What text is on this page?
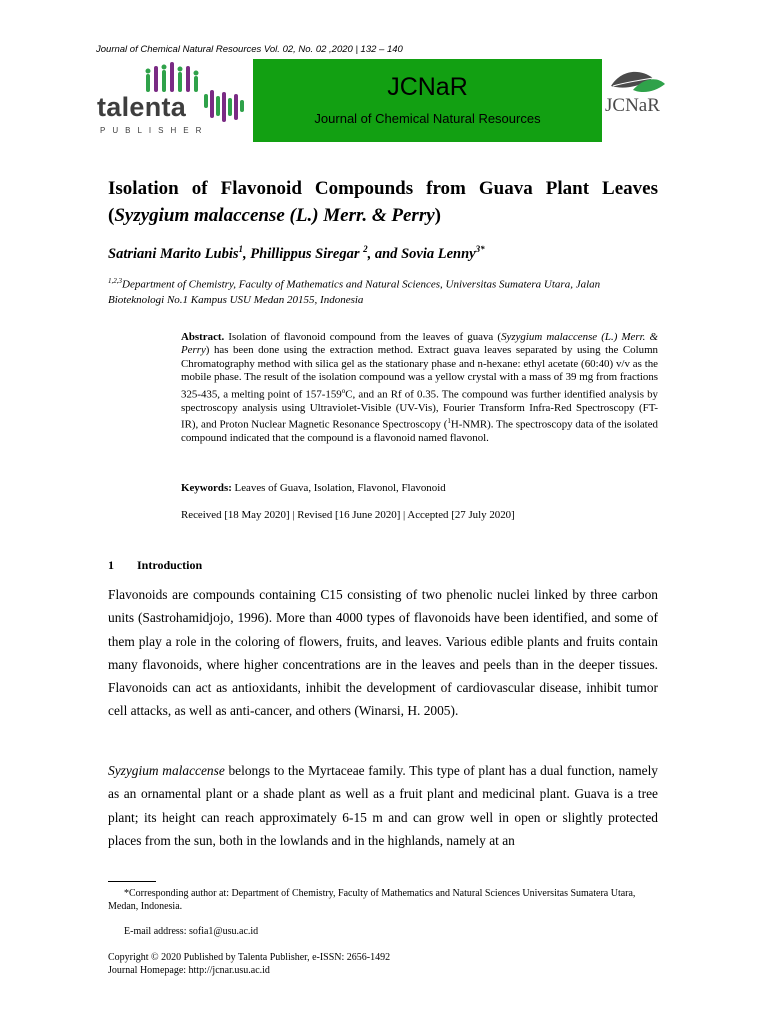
Journal of Chemical Natural Resources Vol. 02, No. 02 ,2020 | 132 – 140
talenta
PUBLISHER
JCNaR
Journal of Chemical Natural Resources
JCNaR
Isolation of Flavonoid Compounds from Guava Plant Leaves (Syzygium malaccense (L.) Merr. & Perry)
Satriani Marito Lubis$^1$, Phillippus Siregar $^2$, and Sovia Lenny$^{3*}$
$^{1,2,3}$Department of Chemistry, Faculty of Mathematics and Natural Sciences, Universitas Sumatera Utara, Jalan Bioteknologi No.1 Kampus USU Medan 20155, Indonesia
Abstract. Isolation of flavonoid compound from the leaves of guava (Syzygium malaccense (L.) Merr. & Perry) has been done using the extraction method. Extract guava leaves separated by using the Column Chromatography method with silica gel as the stationary phase and n-hexane: ethyl acetate (60:40) v/v as the mobile phase. The result of the isolation compound was a yellow crystal with a mass of 39 mg from fractions 325-435, a melting point of 157-159$^o$C, and an Rf of 0.35. The compound was further identified analysis by spectroscopy analysis using Ultraviolet-Visible (UV-Vis), Fourier Transform Infra-Red Spectroscopy (FT-IR), and Proton Nuclear Magnetic Resonance Spectroscopy ($^1$H-NMR). The spectroscopy data of the isolated compound indicated that the compound is a flavonoid named flavonol.
Keywords: Leaves of Guava, Isolation, Flavonol, Flavonoid
Received [18 May 2020] | Revised [16 June 2020] | Accepted [27 July 2020]
1 Introduction
Flavonoids are compounds containing C15 consisting of two phenolic nuclei linked by three carbon units (Sastrohamidjojo, 1996). More than 4000 types of flavonoids have been identified, and some of them play a role in the coloring of flowers, fruits, and leaves. Various edible plants and fruits contain many flavonoids, where higher concentrations are in the leaves and peels than in the deeper tissues. Flavonoids can act as antioxidants, inhibit the development of cardiovascular disease, inhibit tumor cell attacks, as well as anti-cancer, and others (Winarsi, H. 2005).
Syzygium malaccense belongs to the Myrtaceae family. This type of plant has a dual function, namely as an ornamental plant or a shade plant as well as a fruit plant and medicinal plant. Guava is a tree plant; its height can reach approximately 6-15 m and can grow well in open or slightly protected places from the sun, both in the lowlands and in the highlands, namely at an
*Corresponding author at: Department of Chemistry, Faculty of Mathematics and Natural Sciences Universitas Sumatera Utara, Medan, Indonesia.
E-mail address: sofia1@usu.ac.id
Copyright © 2020 Published by Talenta Publisher, e-ISSN: 2656-1492
Journal Homepage: http://jcnar.usu.ac.id
